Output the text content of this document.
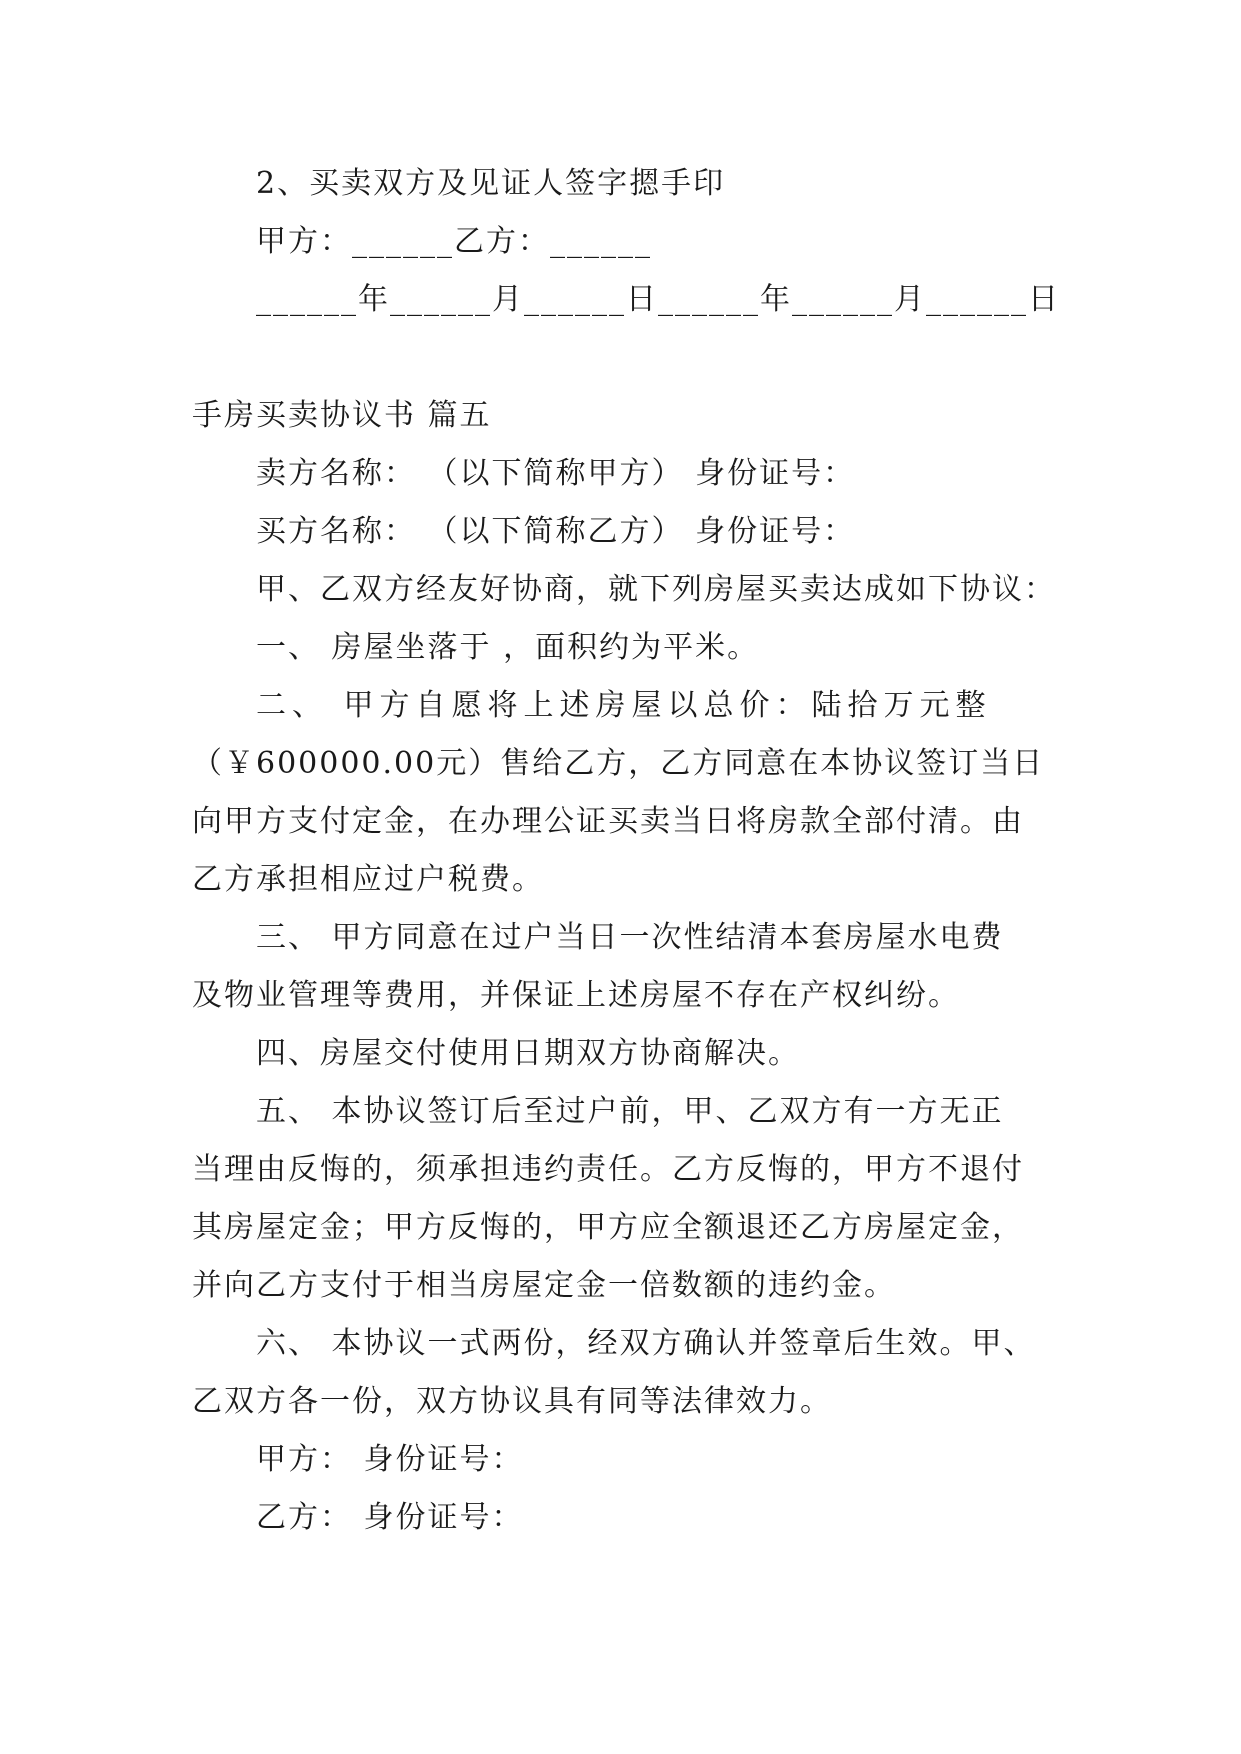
2、买卖双方及见证人签字摁手印
甲方：______乙方：______
______年______月______日______年______月______日
手房买卖协议书 篇五
卖方名称： （以下简称甲方） 身份证号：
买方名称： （以下简称乙方） 身份证号：
甲、乙双方经友好协商，就下列房屋买卖达成如下协议：
一、 房屋坐落于 ，面积约为平米。
二、 甲方自愿将上述房屋以总价：陆拾万元整
（￥600000.00元）售给乙方，乙方同意在本协议签订当日
向甲方支付定金，在办理公证买卖当日将房款全部付清。由
乙方承担相应过户税费。
三、 甲方同意在过户当日一次性结清本套房屋水电费
及物业管理等费用，并保证上述房屋不存在产权纠纷。
四、房屋交付使用日期双方协商解决。
五、 本协议签订后至过户前，甲、乙双方有一方无正
当理由反悔的，须承担违约责任。乙方反悔的，甲方不退付
其房屋定金；甲方反悔的，甲方应全额退还乙方房屋定金，
并向乙方支付于相当房屋定金一倍数额的违约金。
六、 本协议一式两份，经双方确认并签章后生效。甲、
乙双方各一份，双方协议具有同等法律效力。
甲方： 身份证号：
乙方： 身份证号：
